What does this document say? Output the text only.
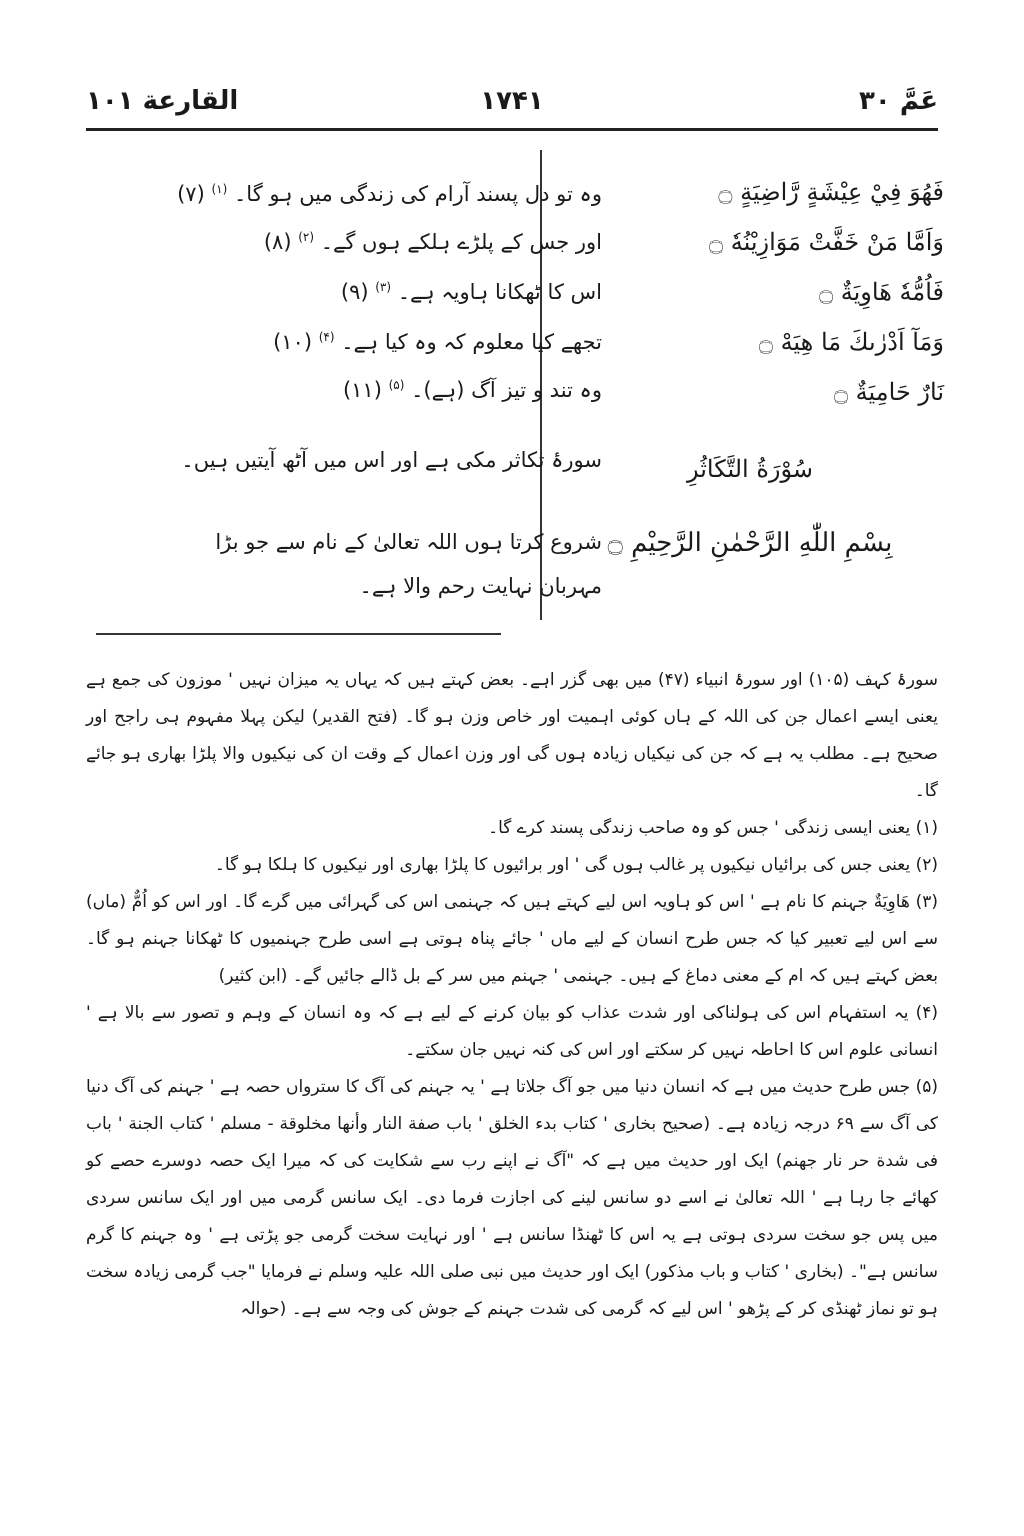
القارعة ۱۰۱	۱۷۴۱	عَمَّ ۳۰
فَهُوَ فِيْ عِيْشَةٍ رَّاضِيَةٍ ۝
وَاَمَّا مَنْ خَفَّتْ مَوَازِيْنُهٗ ۝
فَاُمُّهٗ هَاوِيَةٌ ۝
وَمَآ اَدْرٰىكَ مَا هِيَهْ ۝
نَارٌ حَامِيَةٌ ۝
وہ تو دل پسند آرام کی زندگی میں ہو گا۔ $^{(۱)}$ (۷)
اور جس کے پلڑے ہلکے ہوں گے۔ $^{(۲)}$ (۸)
اس کا ٹھکانا ہاویہ ہے۔ $^{(۳)}$ (۹)
تجھے کیا معلوم کہ وہ کیا ہے۔ $^{(۴)}$ (۱۰)
وہ تند و تیز آگ (ہے)۔ $^{(۵)}$ (۱۱)
سُوْرَةُ التَّكَاثُرِ
سورۂ تکاثر مکی ہے اور اس میں آٹھ آیتیں ہیں۔
بِسْمِ اللّٰهِ الرَّحْمٰنِ الرَّحِيْمِ ۝
شروع کرتا ہوں اللہ تعالیٰ کے نام سے جو بڑا مہربان نہایت رحم والا ہے۔
سورۂ کہف (۱۰۵) اور سورۂ انبیاء (۴۷) میں بھی گزر اہے۔ بعض کہتے ہیں کہ یہاں یہ میزان نہیں ' موزون کی جمع ہے یعنی ایسے اعمال جن کی اللہ کے ہاں کوئی اہمیت اور خاص وزن ہو گا۔ (فتح القدیر) لیکن پہلا مفہوم ہی راجح اور صحیح ہے۔ مطلب یہ ہے کہ جن کی نیکیاں زیادہ ہوں گی اور وزن اعمال کے وقت ان کی نیکیوں والا پلڑا بھاری ہو جائے گا۔
(۱) یعنی ایسی زندگی ' جس کو وہ صاحب زندگی پسند کرے گا۔
(۲) یعنی جس کی برائیاں نیکیوں پر غالب ہوں گی ' اور برائیوں کا پلڑا بھاری اور نیکیوں کا ہلکا ہو گا۔
(۳) هَاوِيَةٌ جہنم کا نام ہے ' اس کو ہاویہ اس لیے کہتے ہیں کہ جہنمی اس کی گہرائی میں گرے گا۔ اور اس کو اُمٌّ (ماں) سے اس لیے تعبیر کیا کہ جس طرح انسان کے لیے ماں ' جائے پناہ ہوتی ہے اسی طرح جہنمیوں کا ٹھکانا جہنم ہو گا۔ بعض کہتے ہیں کہ ام کے معنی دماغ کے ہیں۔ جہنمی ' جہنم میں سر کے بل ڈالے جائیں گے۔ (ابن کثیر)
(۴) یہ استفہام اس کی ہولناکی اور شدت عذاب کو بیان کرنے کے لیے ہے کہ وہ انسان کے وہم و تصور سے بالا ہے ' انسانی علوم اس کا احاطہ نہیں کر سکتے اور اس کی کنہ نہیں جان سکتے۔
(۵) جس طرح حدیث میں ہے کہ انسان دنیا میں جو آگ جلاتا ہے ' یہ جہنم کی آگ کا سترواں حصہ ہے ' جہنم کی آگ دنیا کی آگ سے ۶۹ درجہ زیادہ ہے۔ (صحیح بخاری ' کتاب بدء الخلق ' باب صفة النار وأنها مخلوقة - مسلم ' کتاب الجنة ' باب فی شدة حر نار جهنم) ایک اور حدیث میں ہے کہ "آگ نے اپنے رب سے شکایت کی کہ میرا ایک حصہ دوسرے حصے کو کھائے جا رہا ہے ' اللہ تعالیٰ نے اسے دو سانس لینے کی اجازت فرما دی۔ ایک سانس گرمی میں اور ایک سانس سردی میں پس جو سخت سردی ہوتی ہے یہ اس کا ٹھنڈا سانس ہے ' اور نہایت سخت گرمی جو پڑتی ہے ' وہ جہنم کا گرم سانس ہے"۔ (بخاری ' کتاب و باب مذکور) ایک اور حدیث میں نبی صلی اللہ علیہ وسلم نے فرمایا "جب گرمی زیادہ سخت ہو تو نماز ٹھنڈی کر کے پڑھو ' اس لیے کہ گرمی کی شدت جہنم کے جوش کی وجہ سے ہے۔ (حوالہ
